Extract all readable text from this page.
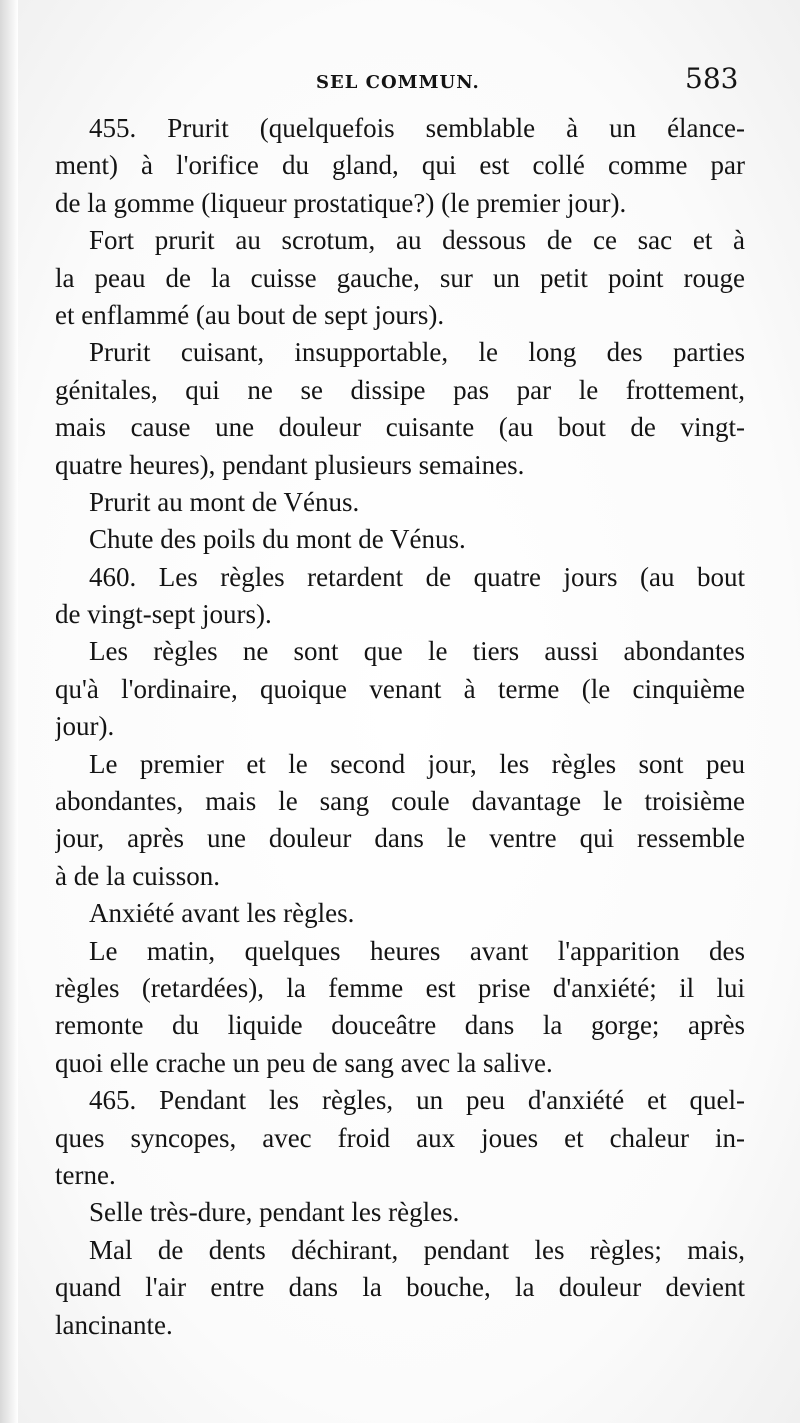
SEL COMMUN.	583
455. Prurit (quelquefois semblable à un élance-
ment) à l'orifice du gland, qui est collé comme par
de la gomme (liqueur prostatique?) (le premier jour).
Fort prurit au scrotum, au dessous de ce sac et à
la peau de la cuisse gauche, sur un petit point rouge
et enflammé (au bout de sept jours).
Prurit cuisant, insupportable, le long des parties
génitales, qui ne se dissipe pas par le frottement,
mais cause une douleur cuisante (au bout de vingt-
quatre heures), pendant plusieurs semaines.
Prurit au mont de Vénus.
Chute des poils du mont de Vénus.
460. Les règles retardent de quatre jours (au bout
de vingt-sept jours).
Les règles ne sont que le tiers aussi abondantes
qu'à l'ordinaire, quoique venant à terme (le cinquième
jour).
Le premier et le second jour, les règles sont peu
abondantes, mais le sang coule davantage le troisième
jour, après une douleur dans le ventre qui ressemble
à de la cuisson.
Anxiété avant les règles.
Le matin, quelques heures avant l'apparition des
règles (retardées), la femme est prise d'anxiété; il lui
remonte du liquide douceâtre dans la gorge; après
quoi elle crache un peu de sang avec la salive.
465. Pendant les règles, un peu d'anxiété et quel-
ques syncopes, avec froid aux joues et chaleur in-
terne.
Selle très-dure, pendant les règles.
Mal de dents déchirant, pendant les règles; mais,
quand l'air entre dans la bouche, la douleur devient
lancinante.
